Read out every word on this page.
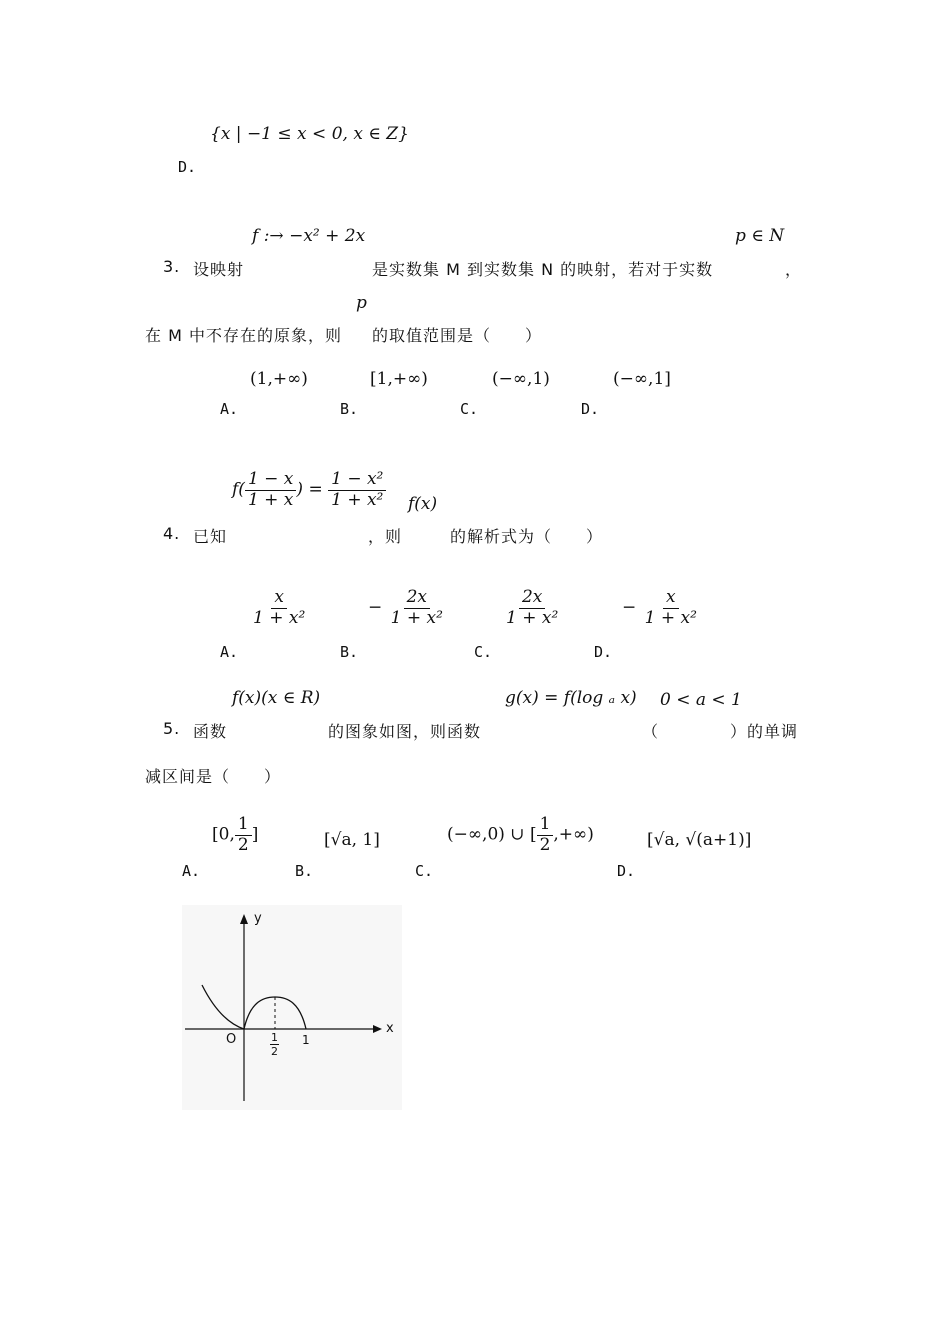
{x | −1 ≤ x < 0, x ∈ Z}
D.
f :→ −x² + 2x	p ∈ N
3. 设映射	是实数集 M 到实数集 N 的映射，若对于实数	，
p
在 M 中不存在的原象，则 的取值范围是（　　）
(1,+∞)	[1,+∞)	(−∞,1)	(−∞,1]
A.	B.	C.	D.
$f( \frac{1 - x}{1 + x}$ ) = $\frac{\text{1 − x²}}{\text{1 + x²}} f(x)$
4. 已知	，则	的解析式为（　　）
$\frac{x}{\text{1 + x²}}$	− $\frac{2x}{\text{1 + x²}}$	$\frac{2x}{\text{1 + x²}}$	− $\frac{x}{\text{1 + x²}}$
A.	B.	C.	D.
f(x)(x ∈ R)	g(x) = f(log ₐ x) 0 < a < 1
5. 函数	的图象如图，则函数	（	）的单调
减区间是（　　）
[0, $\frac{1}{2}$ ]	[√a, 1]	(−∞,0) ∪ [ $\frac{1}{2}$ ,+∞)	[√a, √(a+1)]
A.	B.	C.	D.
y
x
O	1
2
1
